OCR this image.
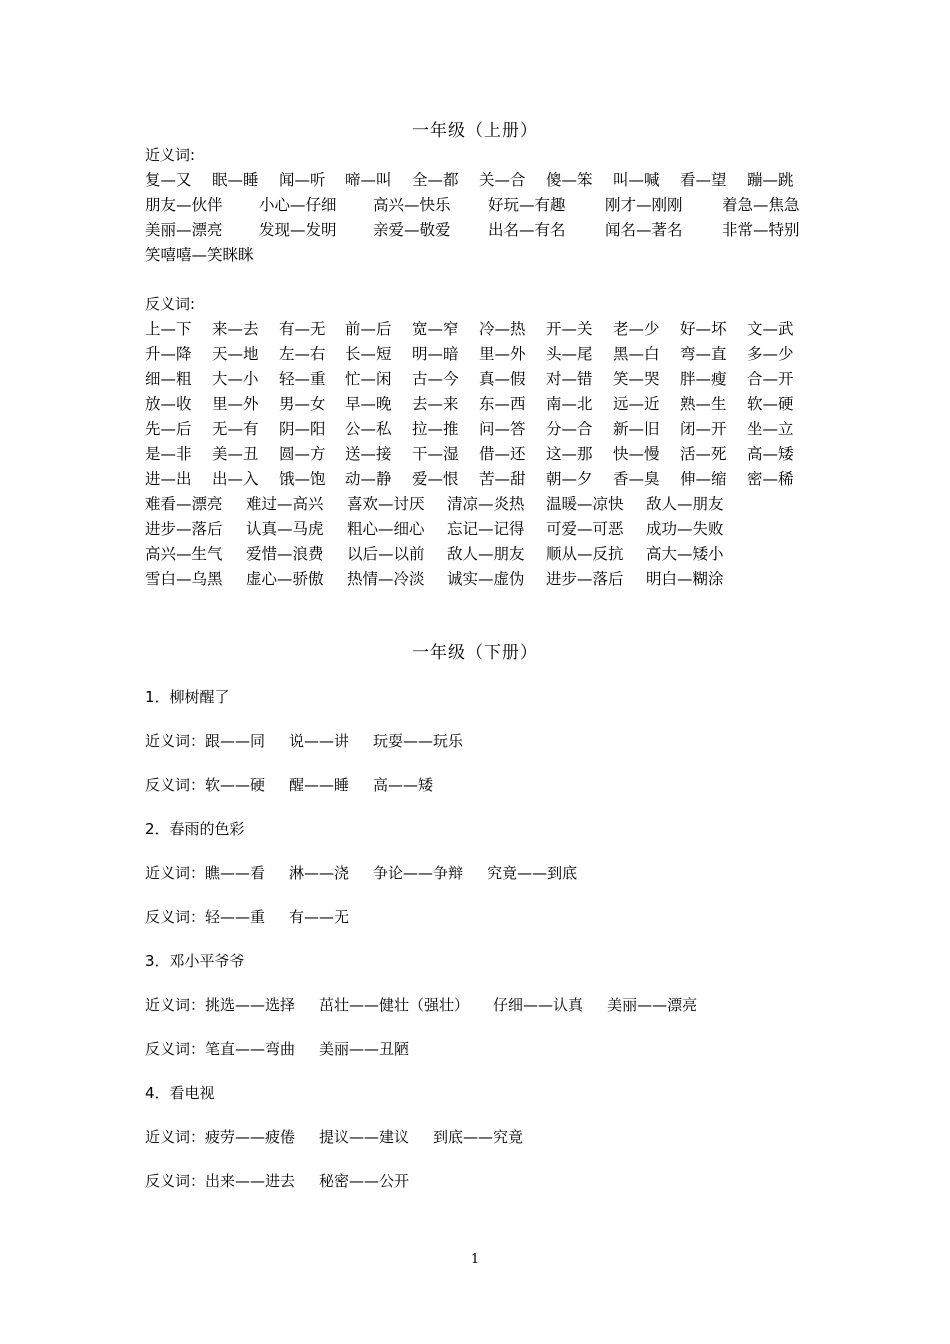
一年级（上册）
近义词:
复—又 眠—睡 闻—听 啼—叫 全—都 关—合 傻—笨 叫—喊 看—望 蹦—跳
朋友—伙伴 小心—仔细 高兴—快乐 好玩—有趣	刚才—刚刚	着急—焦急
美丽—漂亮 发现—发明 亲爱—敬爱 出名—有名	闻名—著名	非常—特别
笑嘻嘻—笑眯眯
反义词:
上—下 来—去 有—无 前—后 宽—窄 冷—热 开—关 老—少 好—坏 文—武
升—降 天—地 左—右 长—短 明—暗 里—外 头—尾 黑—白 弯—直 多—少
细—粗 大—小 轻—重 忙—闲 古—今 真—假 对—错 笑—哭 胖—瘦 合—开
放—收 里—外 男—女 早—晚 去—来 东—西 南—北 远—近 熟—生 软—硬
先—后 无—有 阴—阳 公—私 拉—推 问—答 分—合 新—旧 闭—开 坐—立
是—非 美—丑 圆—方 送—接 干—湿 借—还 这—那 快—慢 活—死 高—矮
进—出 出—入 饿—饱 动—静 爱—恨 苦—甜 朝—夕 香—臭 伸—缩 密—稀
难看—漂亮 难过—高兴 喜欢—讨厌 清凉—炎热 温暖—凉快 敌人—朋友
进步—落后 认真—马虎 粗心—细心 忘记—记得 可爱—可恶 成功—失败
高兴—生气 爱惜—浪费 以后—以前 敌人—朋友 顺从—反抗 高大—矮小
雪白—乌黑 虚心—骄傲 热情—冷淡 诚实—虚伪 进步—落后 明白—糊涂
一年级（下册）
1．柳树醒了
近义词：跟——同 说——讲 玩耍——玩乐
反义词：软——硬 醒——睡 高——矮
2．春雨的色彩
近义词：瞧——看 淋——浇 争论——争辩 究竟——到底
反义词：轻——重 有——无
3．邓小平爷爷
近义词：挑选——选择 茁壮——健壮（强壮） 仔细——认真 美丽——漂亮
反义词：笔直——弯曲 美丽——丑陋
4．看电视
近义词：疲劳——疲倦 提议——建议 到底——究竟
反义词：出来——进去 秘密——公开
1
